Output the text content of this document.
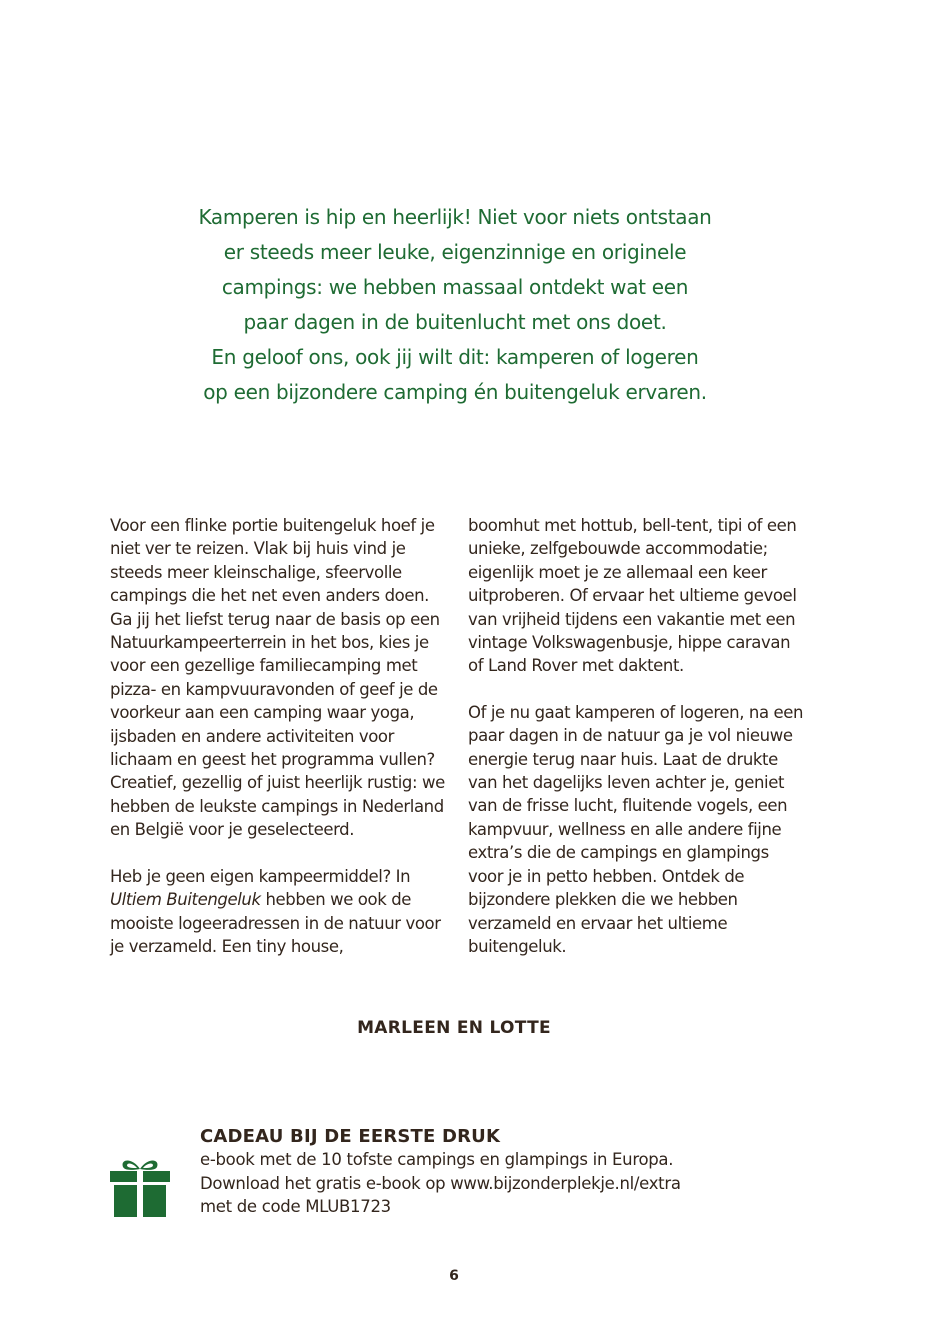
Kamperen is hip en heerlijk! Niet voor niets ontstaan

er steeds meer leuke, eigenzinnige en originele

campings: we hebben massaal ontdekt wat een

paar dagen in de buitenlucht met ons doet.

En geloof ons, ook jij wilt dit: kamperen of logeren

op een bijzondere camping én buitengeluk ervaren.

Voor een flinke portie buitengeluk hoef je niet ver te reizen. Vlak bij huis vind je steeds meer kleinschalige, sfeervolle campings die het net even anders doen. Ga jij het liefst terug naar de basis op een Natuurkampeerterrein in het bos, kies je voor een gezellige familiecamping met pizza- en kampvuuravonden of geef je de voorkeur aan een camping waar yoga, ijsbaden en andere activiteiten voor lichaam en geest het programma vullen? Creatief, gezellig of juist heerlijk rustig: we hebben de leukste campings in Nederland en België voor je geselecteerd.

Heb je geen eigen kampeermiddel? In Ultiem Buitengeluk hebben we ook de mooiste logeeradressen in de natuur voor je verzameld. Een tiny house,

boomhut met hottub, bell-tent, tipi of een unieke, zelfgebouwde accommodatie; eigenlijk moet je ze allemaal een keer uitproberen. Of ervaar het ultieme gevoel van vrijheid tijdens een vakantie met een vintage Volkswagenbusje, hippe caravan of Land Rover met daktent.

Of je nu gaat kamperen of logeren, na een paar dagen in de natuur ga je vol nieuwe energie terug naar huis. Laat de drukte van het dagelijks leven achter je, geniet van de frisse lucht, fluitende vogels, een kampvuur, wellness en alle andere fijne extra’s die de campings en glampings voor je in petto hebben. Ontdek de bijzondere plekken die we hebben verzameld en ervaar het ultieme buitengeluk.

MARLEEN EN LOTTE

CADEAU BIJ DE EERSTE DRUK

e-book met de 10 tofste campings en glampings in Europa.

Download het gratis e-book op www.bijzonderplekje.nl/extra

met de code MLUB1723

6
